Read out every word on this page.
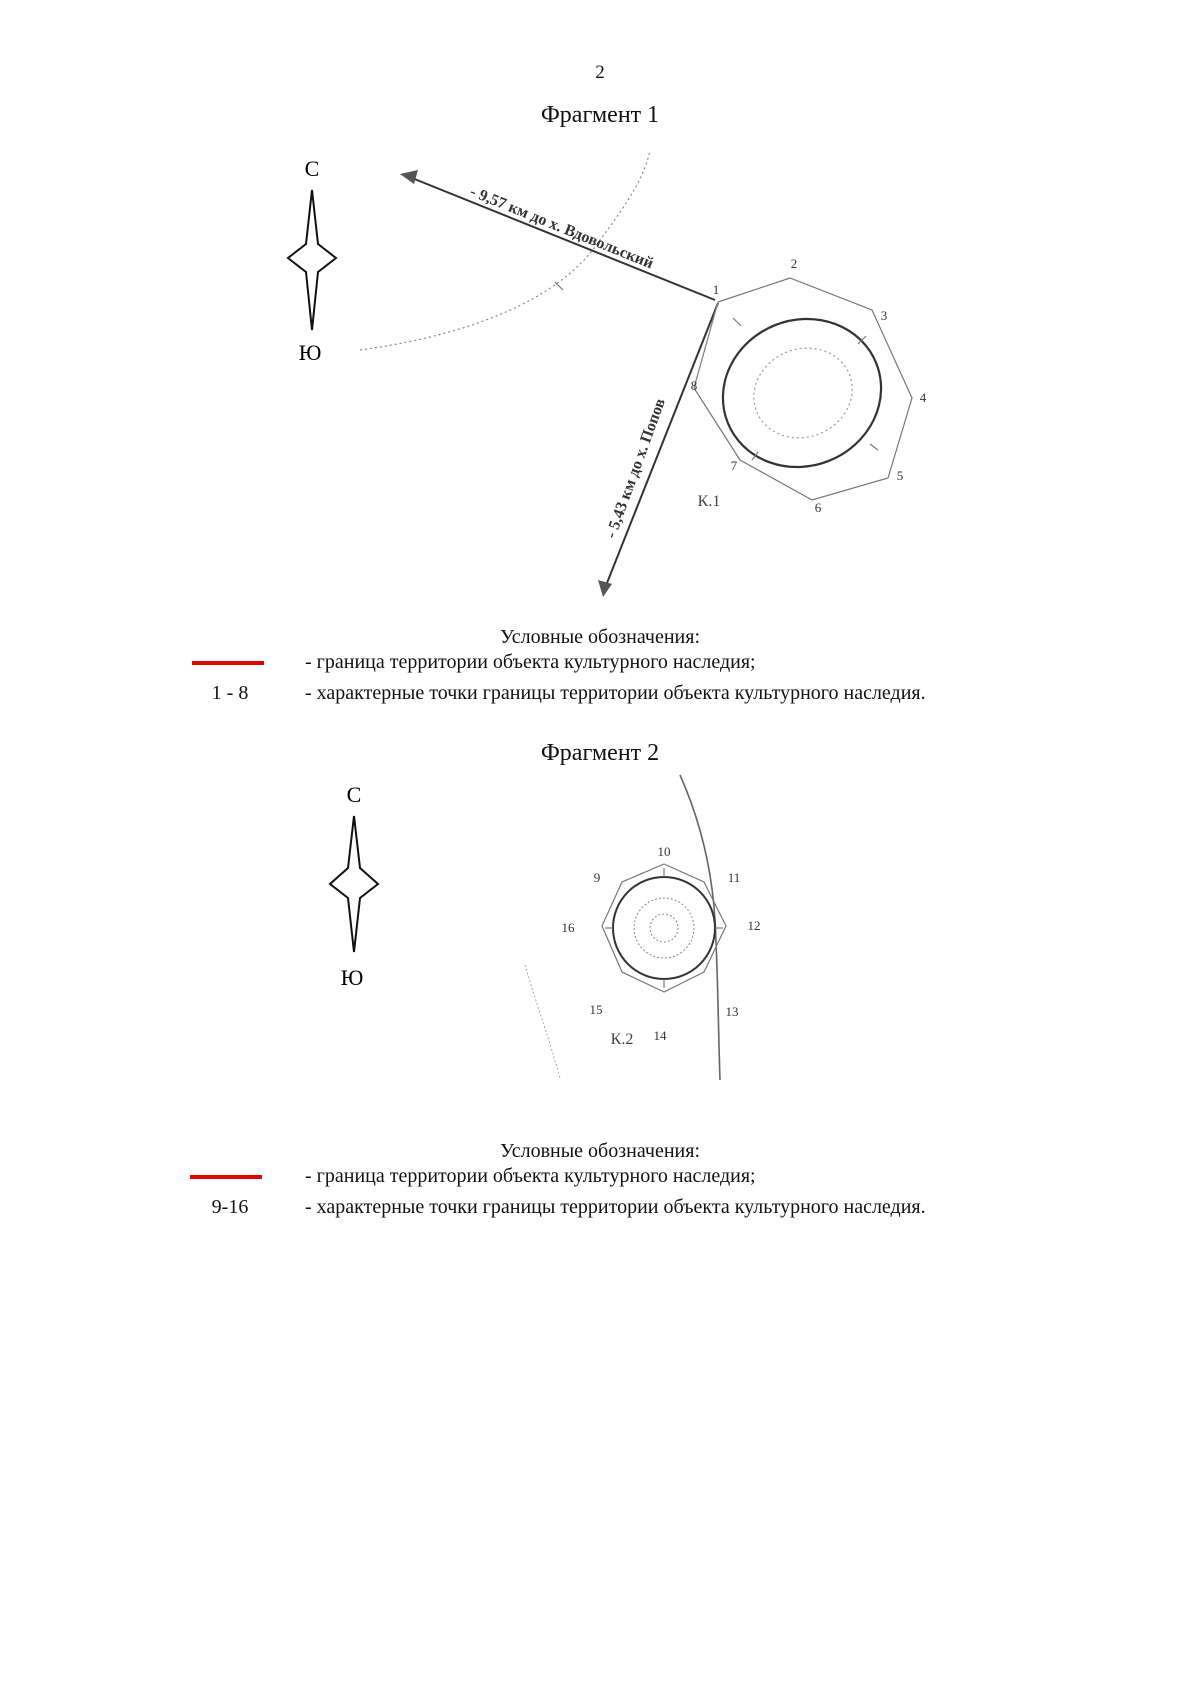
2
Фрагмент 1
С
Ю
- 9,57 км до х. Вдовольский
- 5,43 км до х. Попов
1
2
3
4
5
6
7
8
К.1
Условные обозначения:
- граница территории объекта культурного наследия;
1 - 8	- характерные точки границы территории объекта культурного наследия.
Фрагмент 2
С
Ю
9
10
11
12
13
14
15
16
К.2
Условные обозначения:
- граница территории объекта культурного наследия;
9-16	- характерные точки границы территории объекта культурного наследия.
